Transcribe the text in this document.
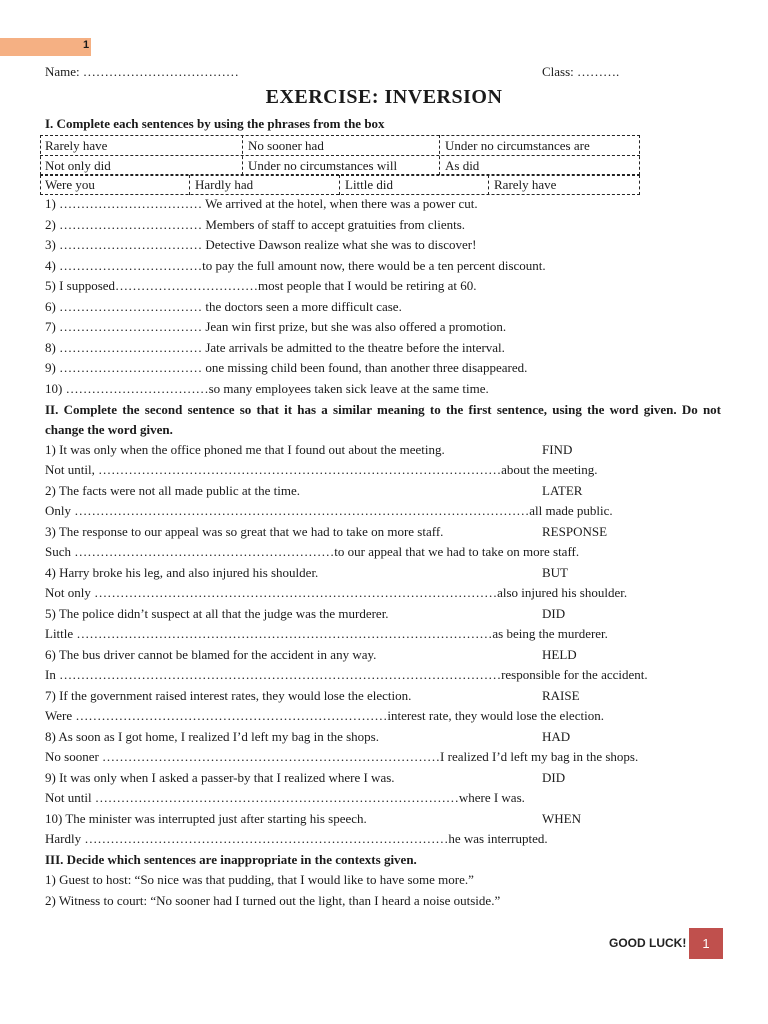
1
Name: ………………………………	Class: ……….
EXERCISE: INVERSION
I. Complete each sentences by using the phrases from the box
Rarely have	No sooner had	Under no circumstances are
Not only did	Under no circumstances will	As did
Were you	Hardly had	Little did	Rarely have
1) …………………………… We arrived at the hotel, when there was a power cut.
2) …………………………… Members of staff to accept gratuities from clients.
3) …………………………… Detective Dawson realize what she was to discover!
4) ……………………………to pay the full amount now, there would be a ten percent discount.
5) I supposed……………………………most people that I would be retiring at 60.
6) …………………………… the doctors seen a more difficult case.
7) …………………………… Jean win first prize, but she was also offered a promotion.
8) …………………………… Jate arrivals be admitted to the theatre before the interval.
9) …………………………… one missing child been found, than another three disappeared.
10) ……………………………so many employees taken sick leave at the same time.
II. Complete the second sentence so that it has a similar meaning to the first sentence, using the word given. Do not change the word given.
1) It was only when the office phoned me that I found out about the meeting.	FIND
Not until, …………………………………………………………………………………about the meeting.
2) The facts were not all made public at the time.	LATER
Only ……………………………………………………………………………………………all made public.
3) The response to our appeal was so great that we had to take on more staff.	RESPONSE
Such ……………………………………………………to our appeal that we had to take on more staff.
4) Harry broke his leg, and also injured his shoulder.	BUT
Not only …………………………………………………………………………………also injured his shoulder.
5) The police didn’t suspect at all that the judge was the murderer.	DID
Little ……………………………………………………………………………………as being the murderer.
6) The bus driver cannot be blamed for the accident in any way.	HELD
In …………………………………………………………………………………………responsible for the accident.
7) If the government raised interest rates, they would lose the election.	RAISE
Were ………………………………………………………………interest rate, they would lose the election.
8) As soon as I got home, I realized I’d left my bag in the shops.	HAD
No sooner ……………………………………………………………………I realized I’d left my bag in the shops.
9) It was only when I asked a passer-by that I realized where I was.	DID
Not until …………………………………………………………………………where I was.
10) The minister was interrupted just after starting his speech.	WHEN
Hardly …………………………………………………………………………he was interrupted.
III. Decide which sentences are inappropriate in the contexts given.
1) Guest to host: “So nice was that pudding, that I would like to have some more.”
2) Witness to court: “No sooner had I turned out the light, than I heard a noise outside.”
GOOD LUCK!	1
